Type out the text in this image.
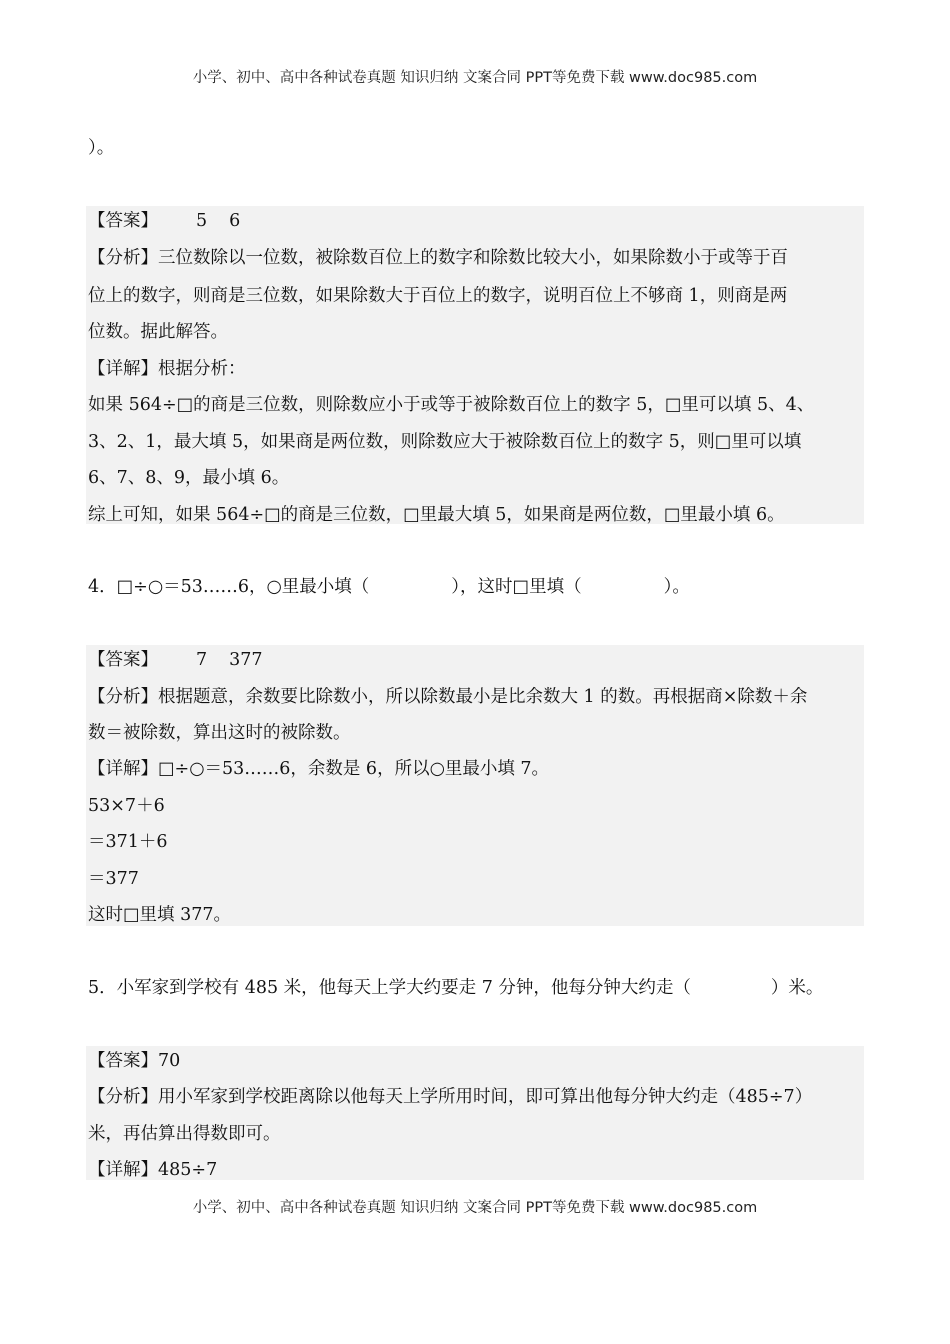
小学、初中、高中各种试卷真题 知识归纳 文案合同 PPT等免费下载 www.doc985.com
）。
【答案】 5 6
【分析】三位数除以一位数，被除数百位上的数字和除数比较大小，如果除数小于或等于百
位上的数字，则商是三位数，如果除数大于百位上的数字，说明百位上不够商 1，则商是两
位数。据此解答。
【详解】根据分析：
如果 564÷□的商是三位数，则除数应小于或等于被除数百位上的数字 5，□里可以填 5、4、
3、2、1，最大填 5，如果商是两位数，则除数应大于被除数百位上的数字 5，则□里可以填
6、7、8、9，最小填 6。
综上可知，如果 564÷□的商是三位数，□里最大填 5，如果商是两位数，□里最小填 6。
4．□÷○＝53……6，○里最小填（	），这时□里填（	）。
【答案】 7 377
【分析】根据题意，余数要比除数小，所以除数最小是比余数大 1 的数。再根据商×除数＋余
数＝被除数，算出这时的被除数。
【详解】□÷○＝53……6，余数是 6，所以○里最小填 7。
53×7＋6
＝371＋6
＝377
这时□里填 377。
5．小军家到学校有 485 米，他每天上学大约要走 7 分钟，他每分钟大约走（	）米。
【答案】70
【分析】用小军家到学校距离除以他每天上学所用时间，即可算出他每分钟大约走（485÷7）
米，再估算出得数即可。
【详解】485÷7
小学、初中、高中各种试卷真题 知识归纳 文案合同 PPT等免费下载 www.doc985.com
